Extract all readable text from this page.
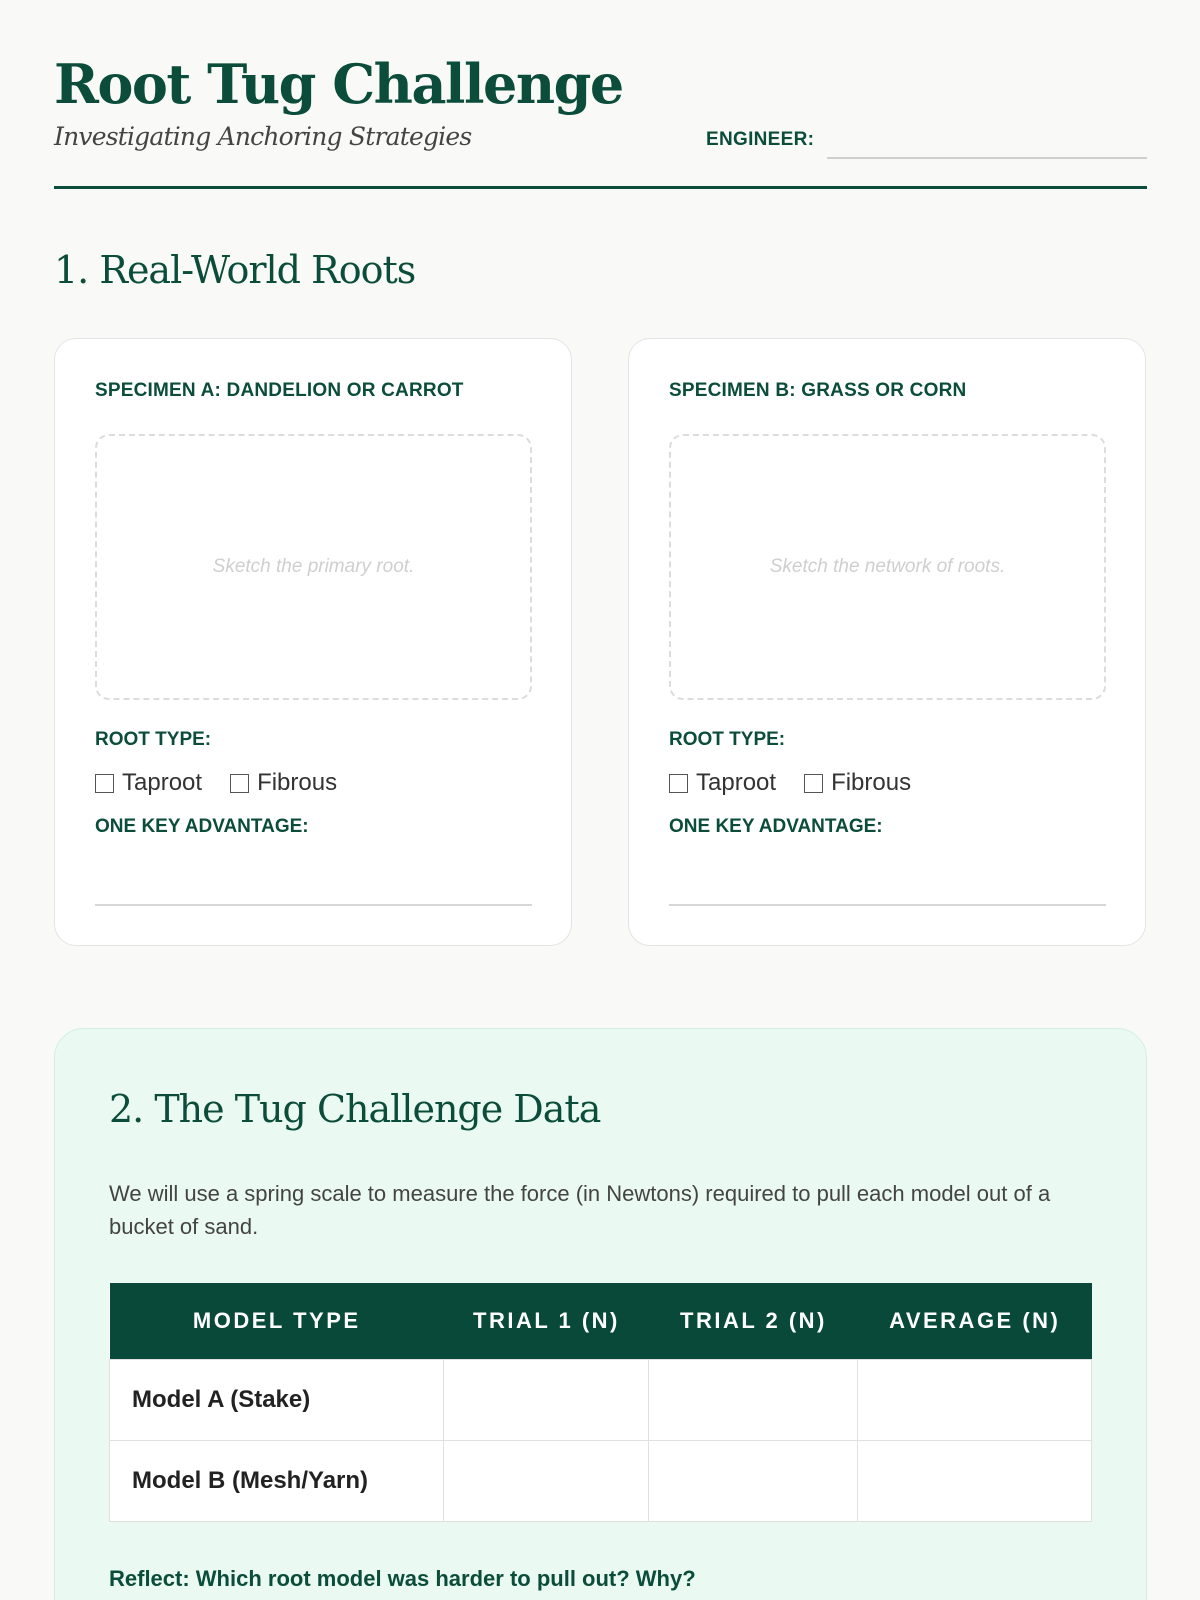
Root Tug Challenge
Investigating Anchoring Strategies	ENGINEER:
1. Real-World Roots
SPECIMEN A: DANDELION OR CARROT
Sketch the primary root.
ROOT TYPE:
Taproot Fibrous
ONE KEY ADVANTAGE:
SPECIMEN B: GRASS OR CORN
Sketch the network of roots.
ROOT TYPE:
Taproot Fibrous
ONE KEY ADVANTAGE:
2. The Tug Challenge Data
We will use a spring scale to measure the force (in Newtons) required to pull each model out of a bucket of sand.
MODEL TYPE	TRIAL 1 (N)	TRIAL 2 (N)	AVERAGE (N)
Model A (Stake)			
Model B (Mesh/Yarn)			
Reflect: Which root model was harder to pull out? Why?
